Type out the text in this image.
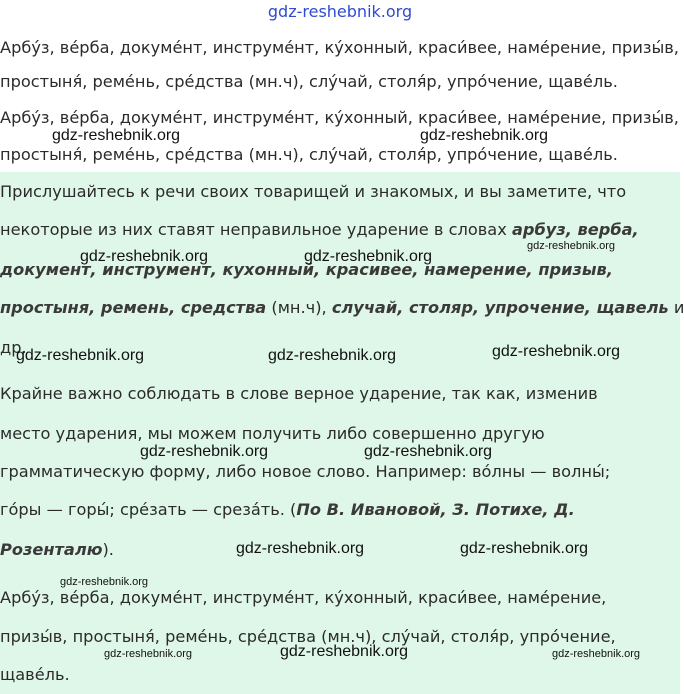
gdz-reshebnik.org
Арбу́з, ве́рба, докуме́нт, инструме́нт, ку́хонный, краси́вее, наме́рение, призы́в,
простыня́, реме́нь, сре́дства (мн.ч), слу́чай, столя́р, упро́чение, щаве́ль.
Арбу́з, ве́рба, докуме́нт, инструме́нт, ку́хонный, краси́вее, наме́рение, призы́в,
простыня́, реме́нь, сре́дства (мн.ч), слу́чай, столя́р, упро́чение, щаве́ль.
Прислушайтесь к речи своих товарищей и знакомых, и вы заметите, что
некоторые из них ставят неправильное ударение в словах арбуз, верба,
документ, инструмент, кухонный, красивее, намерение, призыв,
простыня, ремень, средства (мн.ч), случай, столяр, упрочение, щавель и
др.
Крайне важно соблюдать в слове верное ударение, так как, изменив
место ударения, мы можем получить либо совершенно другую
грамматическую форму, либо новое слово. Например: во́лны — волны́;
го́ры — горы́; срéзать — среза́ть. (По В. Ивановой, З. Потихе, Д.
Розенталю).
Арбу́з, ве́рба, докуме́нт, инструме́нт, ку́хонный, краси́вее, наме́рение,
призы́в, простыня́, реме́нь, сре́дства (мн.ч), слу́чай, столя́р, упро́чение,
щаве́ль.
gdz-reshebnik.org	gdz-reshebnik.org
gdz-reshebnik.org	gdz-reshebnik.org
gdz-reshebnik.org
gdz-reshebnik.org	gdz-reshebnik.org	gdz-reshebnik.org
gdz-reshebnik.org	gdz-reshebnik.org
gdz-reshebnik.org	gdz-reshebnik.org
gdz-reshebnik.org
gdz-reshebnik.org	gdz-reshebnik.org	gdz-reshebnik.org
